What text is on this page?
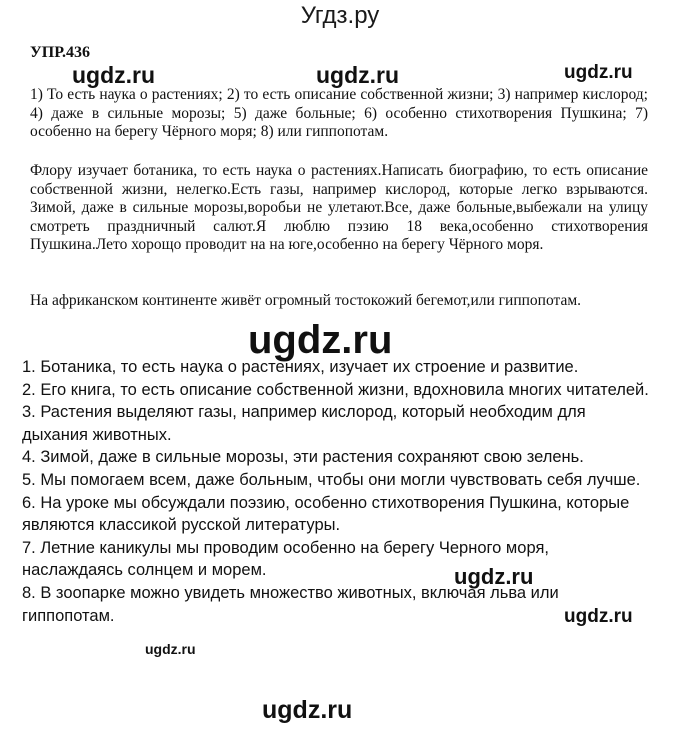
Угдз.ру
УПР.436
ugdz.ru	ugdz.ru	ugdz.ru

1) То есть наука о растениях; 2) то есть описание собственной жизни; 3) например кислород; 4) даже в сильные морозы; 5) даже больные; 6) особенно стихотворения Пушкина; 7) особенно на берегу Чёрного моря; 8) или гиппопотам.

Флору изучает ботаника, то есть наука о растениях.Написать биографию, то есть описание собственной жизни, нелегко.Есть газы, например кислород, которые легко взрываются. Зимой, даже в сильные морозы,воробьи не улетают.Все, даже больные,выбежали на улицу смотреть праздничный салют.Я люблю пэзию 18 века,особенно стихотворения Пушкина.Лето хорощо проводит на на юге,особенно на берегу Чёрного моря.

На африканском континенте живёт огромный тостокожий бегемот,или гиппопотам.

ugdz.ru
1. Ботаника, то есть наука о растениях, изучает их строение и развитие.
2. Его книга, то есть описание собственной жизни, вдохновила многих читателей.
3. Растения выделяют газы, например кислород, который необходим для дыхания животных.
4. Зимой, даже в сильные морозы, эти растения сохраняют свою зелень.
5. Мы помогаем всем, даже больным, чтобы они могли чувствовать себя лучше.
6. На уроке мы обсуждали поэзию, особенно стихотворения Пушкина, которые являются классикой русской литературы.
7. Летние каникулы мы проводим особенно на берегу Черного моря, наслаждаясь солнцем и морем.
8. В зоопарке можно увидеть множество животных, включая льва или гиппопотам.
ugdz.ru
ugdz.ru
ugdz.ru
ugdz.ru
